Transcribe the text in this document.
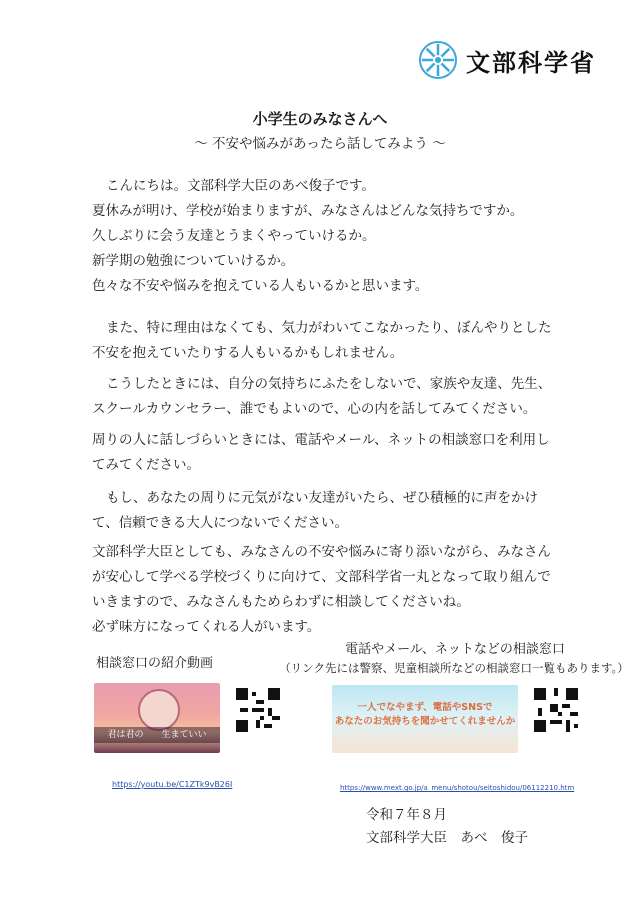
文部科学省
小学生のみなさんへ
〜 不安や悩みがあったら話してみよう 〜
こんにちは。文部科学大臣のあべ俊子です。
夏休みが明け、学校が始まりますが、みなさんはどんな気持ちですか。
久しぶりに会う友達とうまくやっていけるか。
新学期の勉強についていけるか。
色々な不安や悩みを抱えている人もいるかと思います。
また、特に理由はなくても、気力がわいてこなかったり、ぼんやりとした不安を抱えていたりする人もいるかもしれません。
こうしたときには、自分の気持ちにふたをしないで、家族や友達、先生、スクールカウンセラー、誰でもよいので、心の内を話してみてください。
周りの人に話しづらいときには、電話やメール、ネットの相談窓口を利用してみてください。
もし、あなたの周りに元気がない友達がいたら、ぜひ積極的に声をかけて、信頼できる大人につないでください。
文部科学大臣としても、みなさんの不安や悩みに寄り添いながら、みなさんが安心して学べる学校づくりに向けて、文部科学省一丸となって取り組んでいきますので、みなさんもためらわずに相談してくださいね。
必ず味方になってくれる人がいます。
相談窓口の紹介動画
電話やメール、ネットなどの相談窓口
（リンク先には警察、児童相談所などの相談窓口一覧もあります。）
君は君の　　生まていい
一人でなやまず、電話やSNSで
あなたのお気持ちを聞かせてくれませんか
https://youtu.be/C1ZTk9vB26I	https://www.mext.go.jp/a_menu/shotou/seitoshidou/06112210.htm
令和７年８月
文部科学大臣　あべ　俊子
